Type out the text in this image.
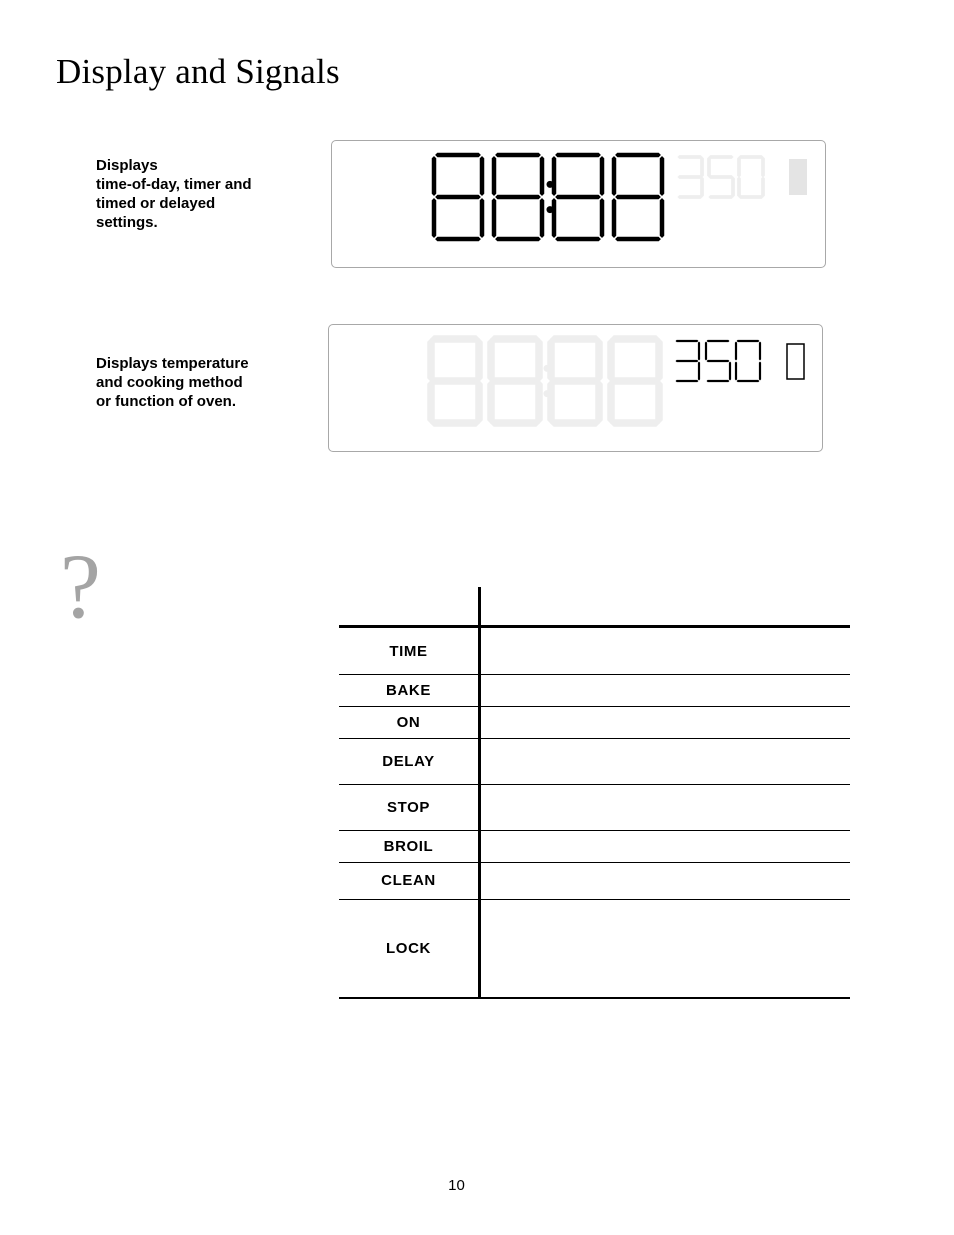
Display and Signals
Displays
time-of-day, timer and
timed or delayed
settings.
Displays temperature
and cooking method
or function of oven.
?
TIME
BAKE
ON
DELAY
STOP
BROIL
CLEAN
LOCK
10
